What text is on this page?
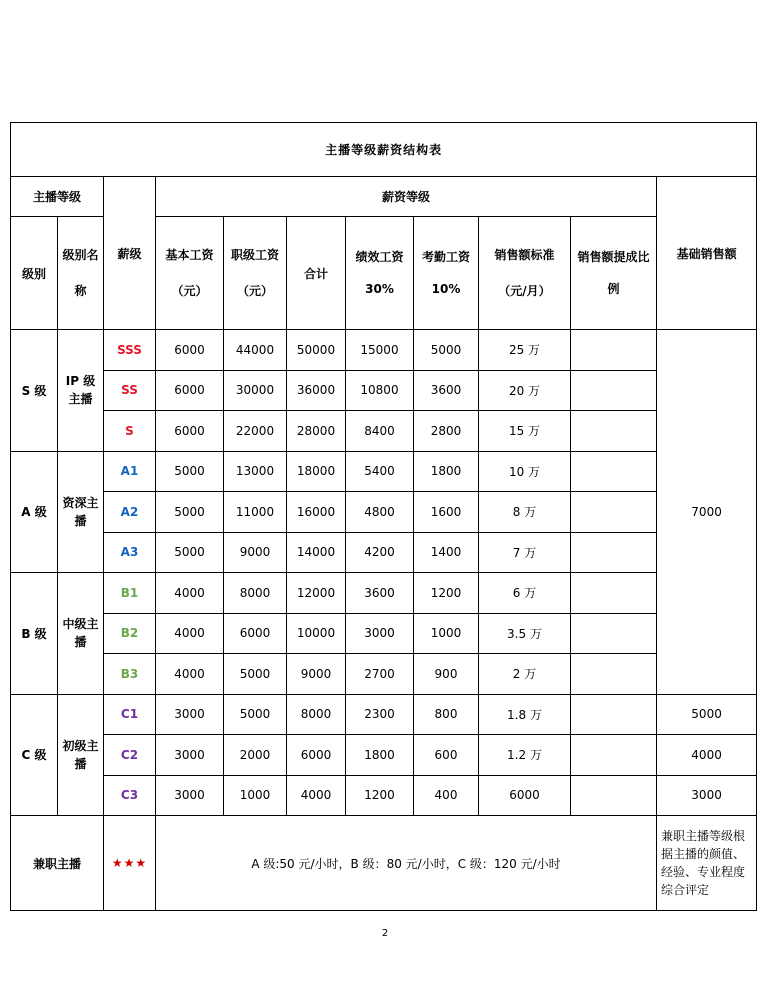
主播等级薪资结构表										
主播等级		薪级	薪资等级							基础销售额
级别	级别名称		基本工资（元）	职级工资（元）	合计	绩效工资 30%	考勤工资 10%	销售额标准（元/月）	销售额提成比例	
S 级	IP 级主播	SSS	6000	44000	50000	15000	5000	25 万		7000
		SS	6000	30000	36000	10800	3600	20 万		
		S	6000	22000	28000	8400	2800	15 万		
A 级	资深主播	A1	5000	13000	18000	5400	1800	10 万		
		A2	5000	11000	16000	4800	1600	8 万		
		A3	5000	9000	14000	4200	1400	7 万		
B 级	中级主播	B1	4000	8000	12000	3600	1200	6 万		
		B2	4000	6000	10000	3000	1000	3.5 万		
		B3	4000	5000	9000	2700	900	2 万		
C 级	初级主播	C1	3000	5000	8000	2300	800	1.8 万		5000
		C2	3000	2000	6000	1800	600	1.2 万		4000
		C3	3000	1000	4000	1200	400	6000		3000
兼职主播		★★★	A 级:50 元/小时，B 级：80 元/小时，C 级：120 元/小时							兼职主播等级根据主播的颜值、经验、专业程度综合评定
2
